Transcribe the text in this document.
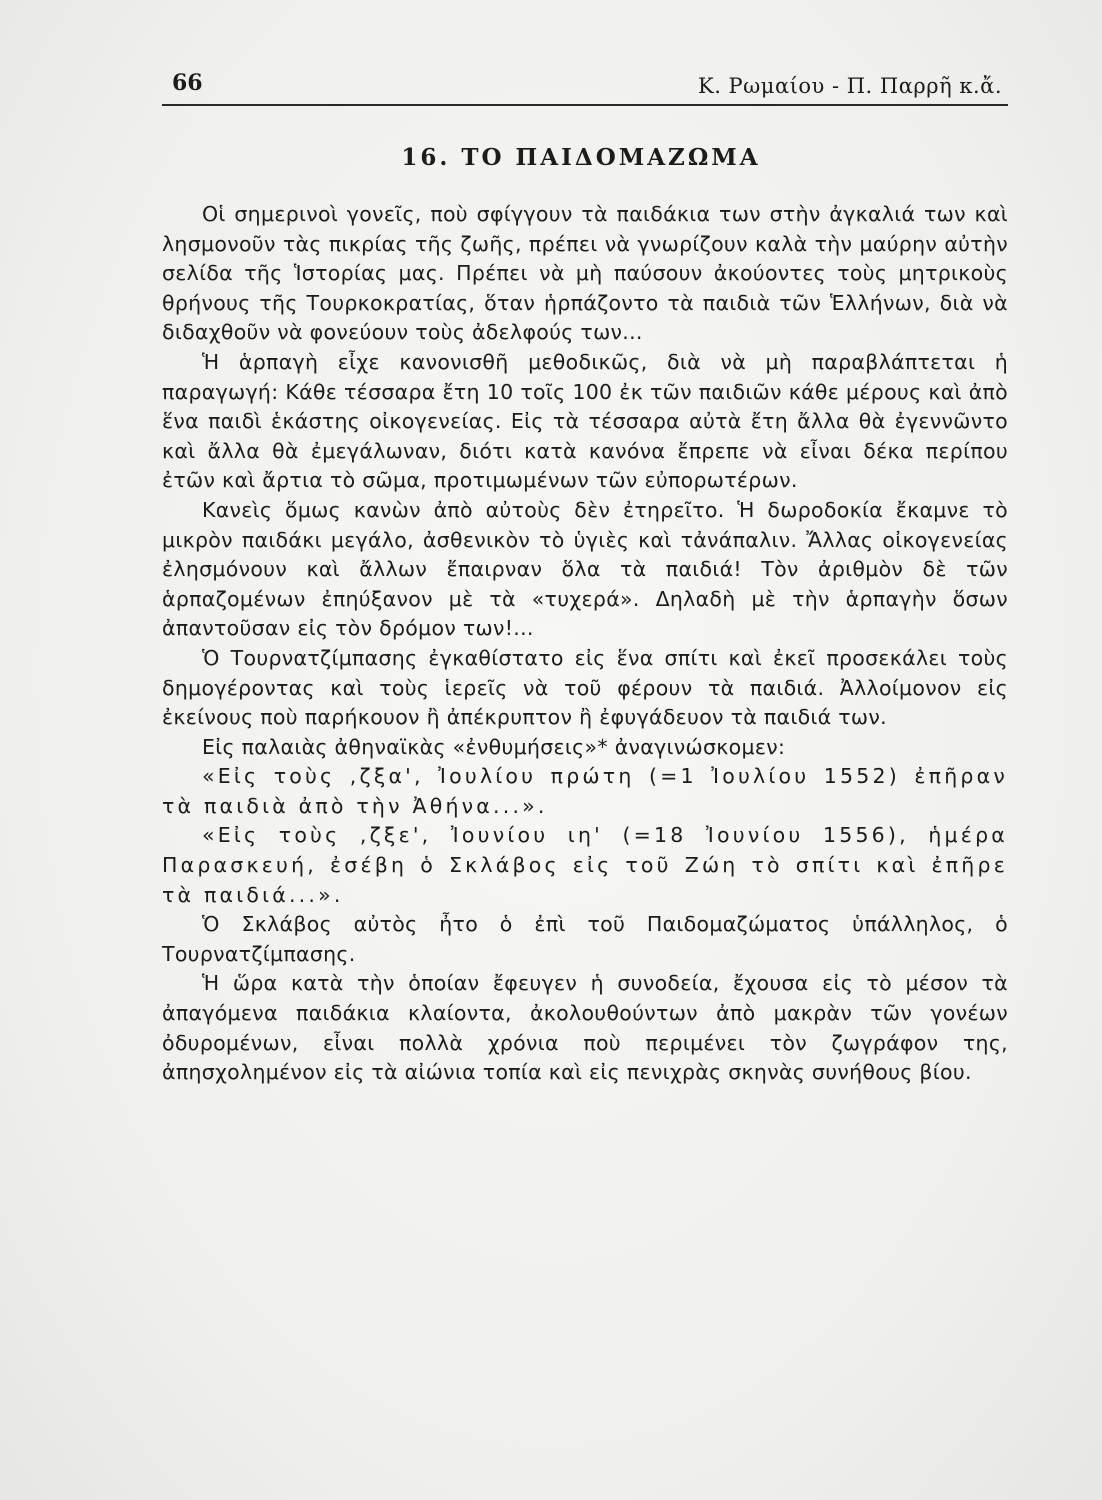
66	Κ. Ρωμαίου - Π. Παρρῆ κ.ἄ.
16. ΤΟ ΠΑΙΔΟΜΑΖΩΜΑ

Οἱ σημερινοὶ γονεῖς, ποὺ σφίγγουν τὰ παιδάκια των στὴν ἀγκαλιά των καὶ λησμονοῦν τὰς πικρίας τῆς ζωῆς, πρέπει νὰ γνωρίζουν καλὰ τὴν μαύρην αὐτὴν σελίδα τῆς Ἱστορίας μας. Πρέπει νὰ μὴ παύσουν ἀκούοντες τοὺς μητρικοὺς θρήνους τῆς Τουρκοκρατίας, ὅταν ἡρπάζοντο τὰ παιδιὰ τῶν Ἑλλήνων, διὰ νὰ διδαχθοῦν νὰ φονεύουν τοὺς ἀδελφούς των...

Ἡ ἁρπαγὴ εἶχε κανονισθῆ μεθοδικῶς, διὰ νὰ μὴ παραβλάπτεται ἡ παραγωγή: Κάθε τέσσαρα ἔτη 10 τοῖς 100 ἐκ τῶν παιδιῶν κάθε μέρους καὶ ἀπὸ ἕνα παιδὶ ἑκάστης οἰκογενείας. Εἰς τὰ τέσσαρα αὐτὰ ἔτη ἄλλα θὰ ἐγεννῶντο καὶ ἄλλα θὰ ἐμεγάλωναν, διότι κατὰ κανόνα ἔπρεπε νὰ εἶναι δέκα περίπου ἐτῶν καὶ ἄρτια τὸ σῶμα, προτιμωμένων τῶν εὐπορωτέρων.

Κανεὶς ὅμως κανὼν ἀπὸ αὐτοὺς δὲν ἐτηρεῖτο. Ἡ δωροδοκία ἔκαμνε τὸ μικρὸν παιδάκι μεγάλο, ἀσθενικὸν τὸ ὑγιὲς καὶ τἀνάπαλιν. Ἄλλας οἰκογενείας ἐλησμόνουν καὶ ἄλλων ἔπαιρναν ὅλα τὰ παιδιά! Τὸν ἀριθμὸν δὲ τῶν ἁρπαζομένων ἐπηύξανον μὲ τὰ «τυχερά». Δηλαδὴ μὲ τὴν ἁρπαγὴν ὅσων ἀπαντοῦσαν εἰς τὸν δρόμον των!...

Ὁ Τουρνατζίμπασης ἐγκαθίστατο εἰς ἕνα σπίτι καὶ ἐκεῖ προσεκάλει τοὺς δημογέροντας καὶ τοὺς ἱερεῖς νὰ τοῦ φέρουν τὰ παιδιά. Ἀλλοίμονον εἰς ἐκείνους ποὺ παρήκουον ἢ ἀπέκρυπτον ἢ ἐφυγάδευον τὰ παιδιά των.

Εἰς παλαιὰς ἀθηναϊκὰς «ἐνθυμήσεις»* ἀναγινώσκομεν:

«Εἰς τοὺς ,ζξα', Ἰουλίου πρώτη (=1 Ἰουλίου 1552) ἐπῆραν τὰ παιδιὰ ἀπὸ τὴν Ἀθήνα...».

«Εἰς τοὺς ,ζξε', Ἰουνίου ιη' (=18 Ἰουνίου 1556), ἡμέρα Παρασκευή, ἐσέβη ὁ Σκλάβος εἰς τοῦ Ζώη τὸ σπίτι καὶ ἐπῆρε τὰ παιδιά...».

Ὁ Σκλάβος αὐτὸς ἦτο ὁ ἐπὶ τοῦ Παιδομαζώματος ὑπάλληλος, ὁ Τουρνατζίμπασης.

Ἡ ὥρα κατὰ τὴν ὁποίαν ἔφευγεν ἡ συνοδεία, ἔχουσα εἰς τὸ μέσον τὰ ἀπαγόμενα παιδάκια κλαίοντα, ἀκολουθούντων ἀπὸ μακρὰν τῶν γονέων ὀδυρομένων, εἶναι πολλὰ χρόνια ποὺ περιμένει τὸν ζωγράφον της, ἀπησχολημένον εἰς τὰ αἰώνια τοπία καὶ εἰς πενιχρὰς σκηνὰς συνήθους βίου.
